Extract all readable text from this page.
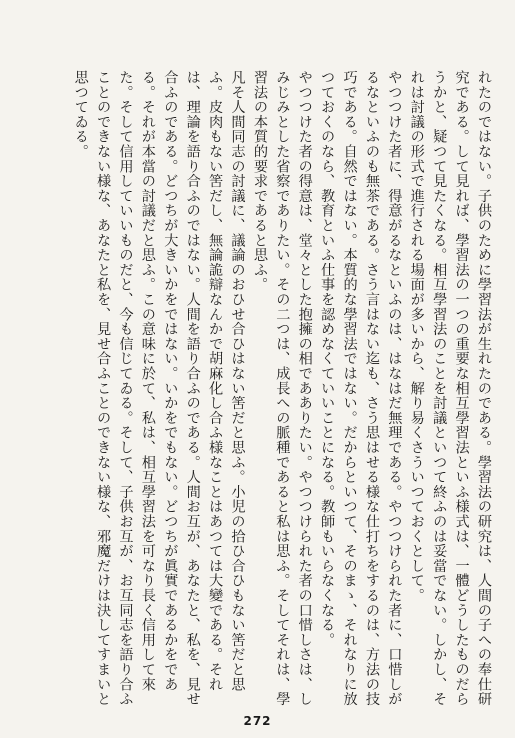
れたのではない。子供のために學習法が生れたのである。學習法の研究は、人間の子への奉仕研究である。して見れば、學習法の一つの重要な相互學習法といふ様式は、一體どうしたものだらうかと、疑つて見たくなる。相互學習法のことを討議といつて終ふのは妥當でない。しかし、それは討議の形式で進行される場面が多いから、解り易くさういつておくとして。

やつつけた者に、得意がるなといふのは、はなはだ無理である。やつつけられた者に、口惜しがるなといふのも無茶である。さう言はない迄も、さう思はせる様な仕打ちをするのは、方法の技巧である。自然ではない。本質的な學習法ではない。だからといつて、そのまゝ、それなりに放つておくのなら、教育といふ仕事を認めなくていいことになる。教師もいらなくなる。

やつつけた者の得意は、堂々とした抱擁の相であありたい。やつつけられた者の口惜しさは、しみじみとした省察でありたい。その二つは、成長への脈種であると私は思ふ。そしてそれは、學習法の本質的要求であると思ふ。

凡そ人間同志の討議に、議論のおひせ合ひはない筈だと思ふ。小児の拾ひ合ひもない筈だと思ふ。皮肉もない筈だし、無論詭辯なんかで胡麻化し合ふ様なことはあつては大變である。それは、理論を語り合ふのではない。人間を語り合ふのである。人間お互が、あなたと、私を、見せ合ふのである。どつちが大きいかをではない。いかをでもない。どつちが眞實であるかをである。それが本當の討議だと思ふ。この意味に於て、私は、相互學習法を可なり長く信用して來た。そして信用していいものだと、今も信じてゐる。そして、子供お互が、お互同志を語り合ふことのできない様な、あなたと私を、見せ合ふことのできない様な、邪魔だけは決してすまいと思つてゐる。

272
